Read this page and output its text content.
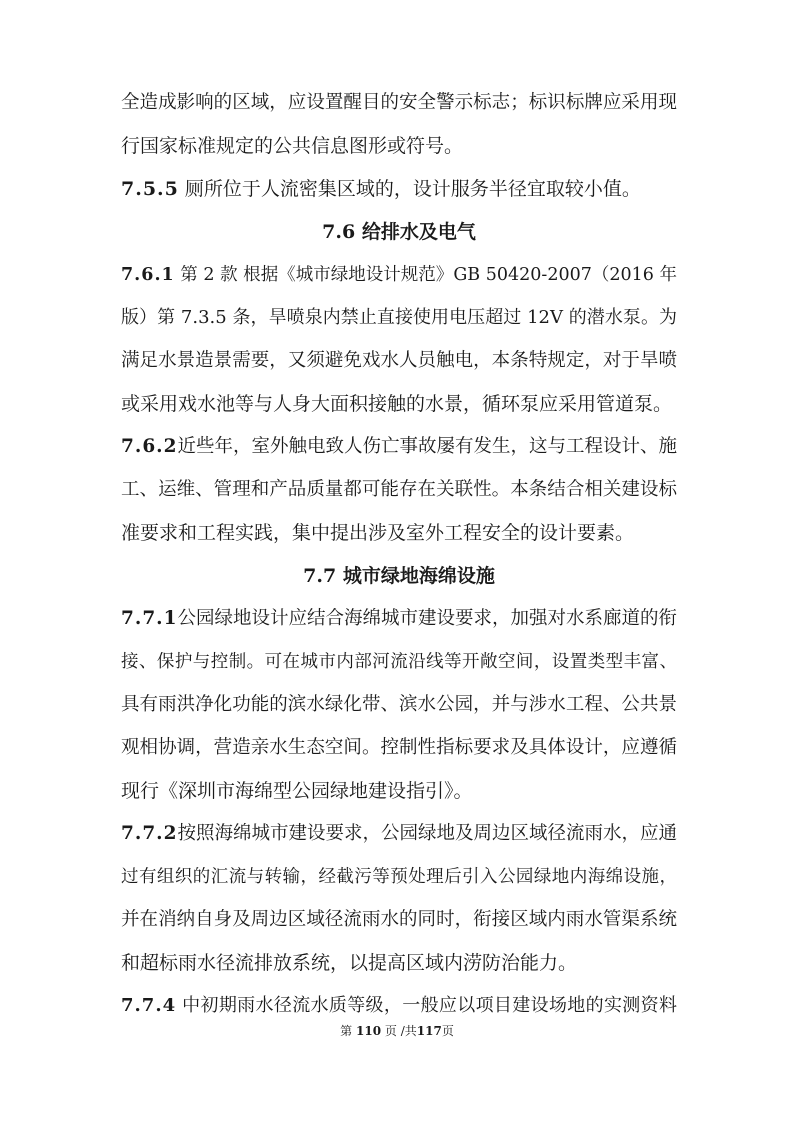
全造成影响的区域，应设置醒目的安全警示标志；标识标牌应采用现
行国家标准规定的公共信息图形或符号。
7.5.5 厕所位于人流密集区域的，设计服务半径宜取较小值。
7.6 给排水及电气
7.6.1 第 2 款 根据《城市绿地设计规范》GB 50420-2007（2016 年
版）第 7.3.5 条，旱喷泉内禁止直接使用电压超过 12V 的潜水泵。为
满足水景造景需要，又须避免戏水人员触电，本条特规定，对于旱喷
或采用戏水池等与人身大面积接触的水景，循环泵应采用管道泵。
7.6.2近些年，室外触电致人伤亡事故屡有发生，这与工程设计、施
工、运维、管理和产品质量都可能存在关联性。本条结合相关建设标
准要求和工程实践，集中提出涉及室外工程安全的设计要素。
7.7 城市绿地海绵设施
7.7.1公园绿地设计应结合海绵城市建设要求，加强对水系廊道的衔
接、保护与控制。可在城市内部河流沿线等开敞空间，设置类型丰富、
具有雨洪净化功能的滨水绿化带、滨水公园，并与涉水工程、公共景
观相协调，营造亲水生态空间。控制性指标要求及具体设计，应遵循
现行《深圳市海绵型公园绿地建设指引》。
7.7.2按照海绵城市建设要求，公园绿地及周边区域径流雨水，应通
过有组织的汇流与转输，经截污等预处理后引入公园绿地内海绵设施，
并在消纳自身及周边区域径流雨水的同时，衔接区域内雨水管渠系统
和超标雨水径流排放系统，以提高区域内涝防治能力。
7.7.4 中初期雨水径流水质等级，一般应以项目建设场地的实测资料
第 110 页 /共117页
